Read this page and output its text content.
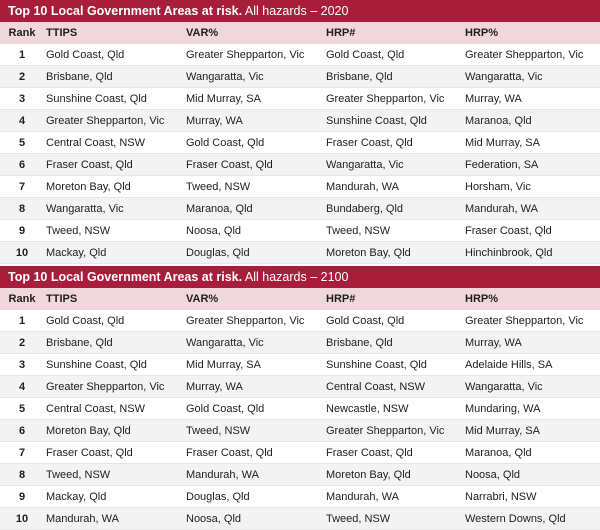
Top 10 Local Government Areas at risk. All hazards – 2020
Rank TTIPS	VAR%	HRP#	HRP%
1	Gold Coast, Qld	Greater Shepparton, Vic	Gold Coast, Qld	Greater Shepparton, Vic
2	Brisbane, Qld	Wangaratta, Vic	Brisbane, Qld	Wangaratta, Vic
3	Sunshine Coast, Qld	Mid Murray, SA	Greater Shepparton, Vic	Murray, WA
4	Greater Shepparton, Vic	Murray, WA	Sunshine Coast, Qld	Maranoa, Qld
5	Central Coast, NSW	Gold Coast, Qld	Fraser Coast, Qld	Mid Murray, SA
6	Fraser Coast, Qld	Fraser Coast, Qld	Wangaratta, Vic	Federation, SA
7	Moreton Bay, Qld	Tweed, NSW	Mandurah, WA	Horsham, Vic
8	Wangaratta, Vic	Maranoa, Qld	Bundaberg, Qld	Mandurah, WA
9	Tweed, NSW	Noosa, Qld	Tweed, NSW	Fraser Coast, Qld
10	Mackay, Qld	Douglas, Qld	Moreton Bay, Qld	Hinchinbrook, Qld
Top 10 Local Government Areas at risk. All hazards – 2100
Rank TTIPS	VAR%	HRP#	HRP%
1	Gold Coast, Qld	Greater Shepparton, Vic	Gold Coast, Qld	Greater Shepparton, Vic
2	Brisbane, Qld	Wangaratta, Vic	Brisbane, Qld	Murray, WA
3	Sunshine Coast, Qld	Mid Murray, SA	Sunshine Coast, Qld	Adelaide Hills, SA
4	Greater Shepparton, Vic	Murray, WA	Central Coast, NSW	Wangaratta, Vic
5	Central Coast, NSW	Gold Coast, Qld	Newcastle, NSW	Mundaring, WA
6	Moreton Bay, Qld	Tweed, NSW	Greater Shepparton, Vic	Mid Murray, SA
7	Fraser Coast, Qld	Fraser Coast, Qld	Fraser Coast, Qld	Maranoa, Qld
8	Tweed, NSW	Mandurah, WA	Moreton Bay, Qld	Noosa, Qld
9	Mackay, Qld	Douglas, Qld	Mandurah, WA	Narrabri, NSW
10	Mandurah, WA	Noosa, Qld	Tweed, NSW	Western Downs, Qld
